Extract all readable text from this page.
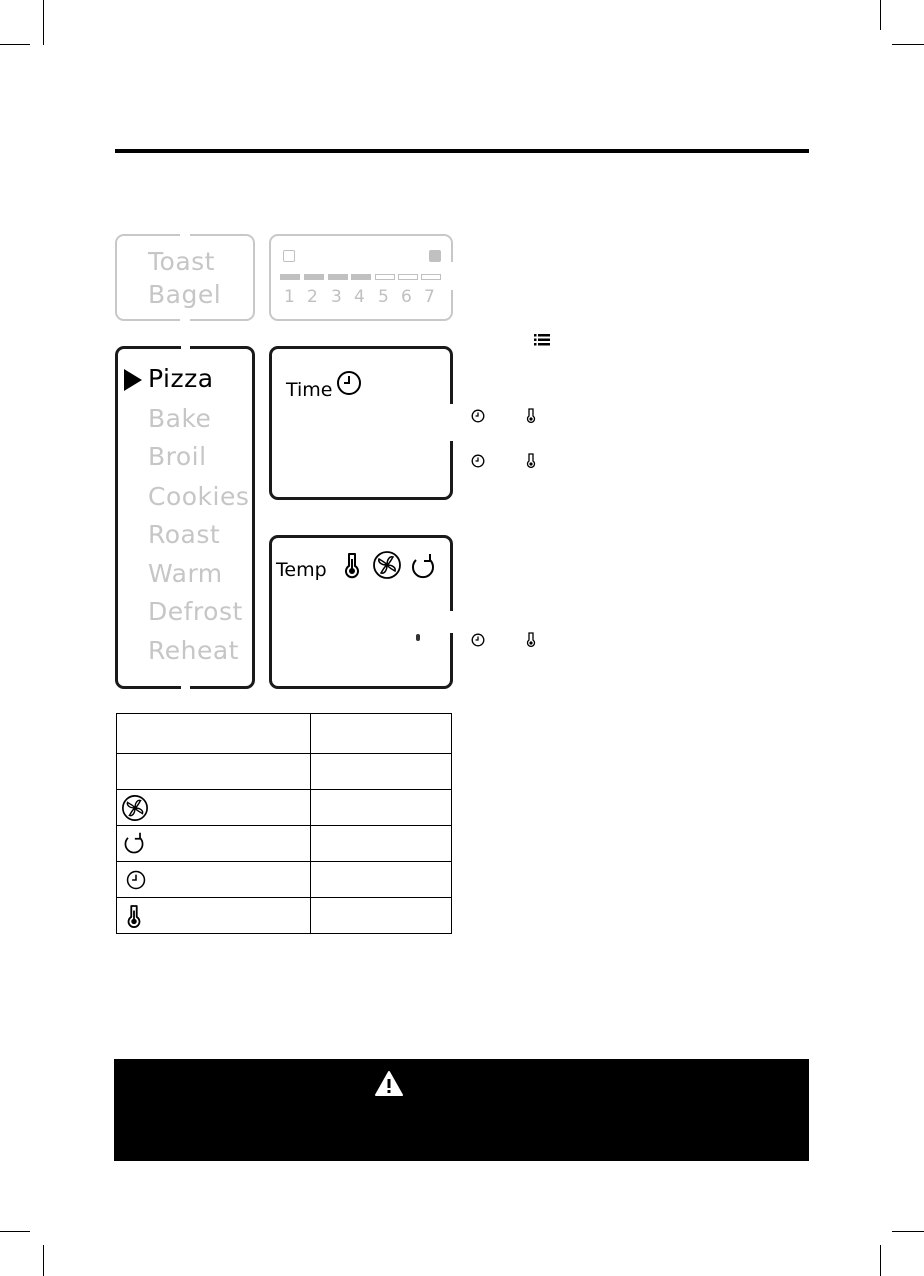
Toast
Bagel	1 2 3 4 5 6 7
Pizza
Bake
Broil
Cookies
Roast
Warm
Defrost
Reheat
Time
Temp
